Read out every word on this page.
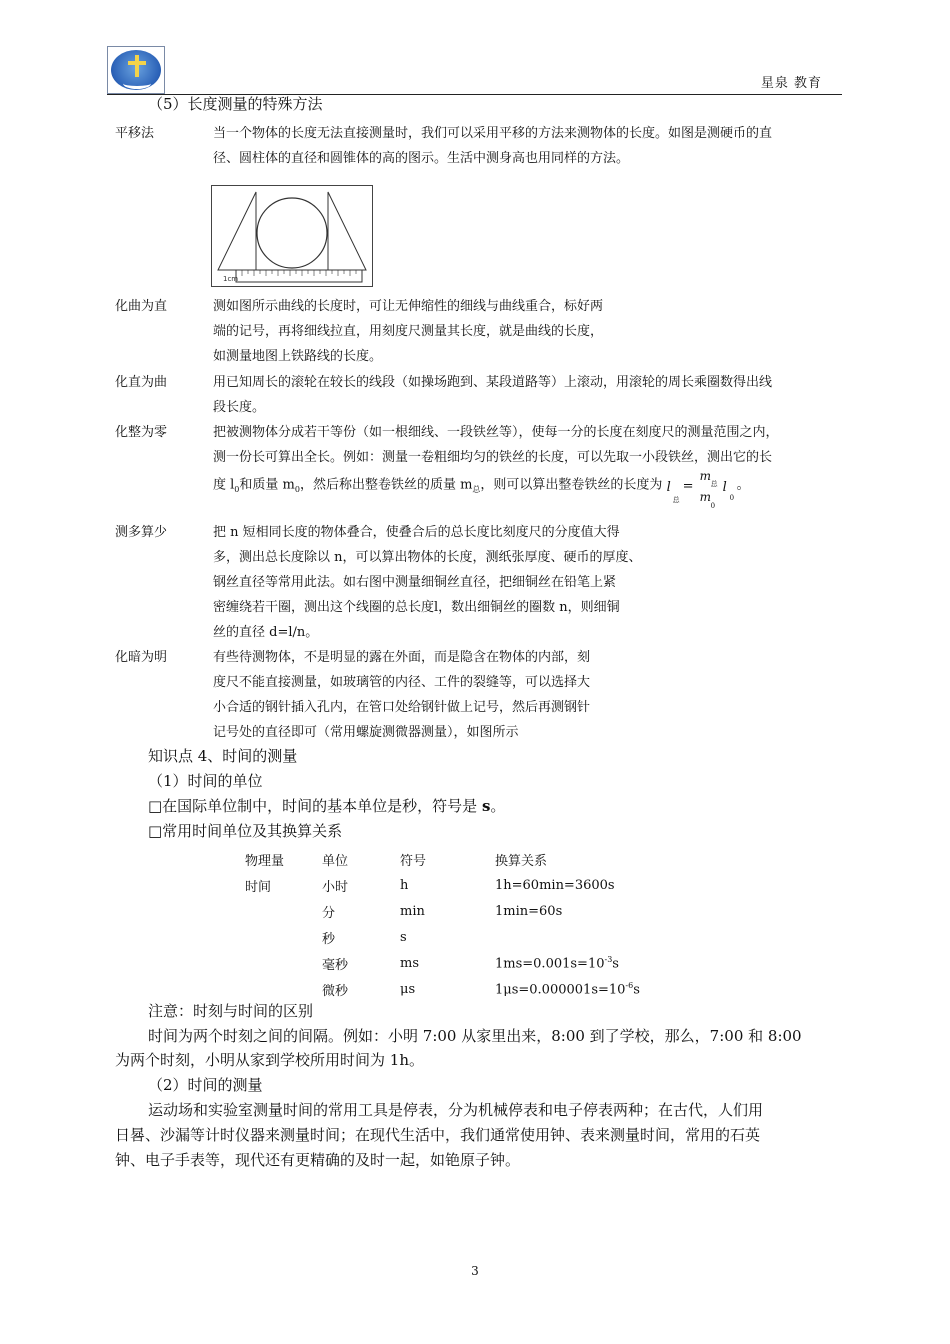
星泉 教育
（5）长度测量的特殊方法
平移法	当一个物体的长度无法直接测量时，我们可以采用平移的方法来测物体的长度。如图是测硬币的直
径、圆柱体的直径和圆锥体的高的图示。生活中测身高也用同样的方法。
1cm
化曲为直	测如图所示曲线的长度时，可让无伸缩性的细线与曲线重合，标好两
端的记号，再将细线拉直，用刻度尺测量其长度，就是曲线的长度，
如测量地图上铁路线的长度。
化直为曲	用已知周长的滚轮在较长的线段（如操场跑到、某段道路等）上滚动，用滚轮的周长乘圈数得出线
段长度。
化整为零	把被测物体分成若干等份（如一根细线、一段铁丝等），使每一分的长度在刻度尺的测量范围之内，
测一份长可算出全长。例如：测量一卷粗细均匀的铁丝的长度，可以先取一小段铁丝，测出它的长
度 $l_0$和质量 $m_0$，然后称出整卷铁丝的质量 $m_总$，则可以算出整卷铁丝的长度为 l
总
=
m
总
m
0
l
0
。
测多算少	把 n 短相同长度的物体叠合，使叠合后的总长度比刻度尺的分度值大得
多，测出总长度除以 n，可以算出物体的长度，测纸张厚度、硬币的厚度、
钢丝直径等常用此法。如右图中测量细铜丝直径，把细铜丝在铅笔上紧
密缠绕若干圈，测出这个线圈的总长度l，数出细铜丝的圈数 n，则细铜
丝的直径 d=l/n。
化暗为明	有些待测物体，不是明显的露在外面，而是隐含在物体的内部，刻
度尺不能直接测量，如玻璃管的内径、工件的裂缝等，可以选择大
小合适的钢针插入孔内，在管口处给钢针做上记号，然后再测钢针
记号处的直径即可（常用螺旋测微器测量），如图所示
知识点 4、时间的测量
（1）时间的单位
□在国际单位制中，时间的基本单位是秒，符号是 s。
□常用时间单位及其换算关系
物理量	单位	符号	换算关系
时间	小时	h	1h=60min=3600s
	分	min	1min=60s
	秒	s	
	毫秒	ms	$1ms=0.001s=10^{-3}s$
	微秒	μs	$1\mu s=0.000001s=10^{-6}s$
注意：时刻与时间的区别
时间为两个时刻之间的间隔。例如：小明 7:00 从家里出来，8:00 到了学校，那么，7:00 和 8:00
为两个时刻，小明从家到学校所用时间为 1h。
（2）时间的测量
运动场和实验室测量时间的常用工具是停表，分为机械停表和电子停表两种；在古代，人们用
日晷、沙漏等计时仪器来测量时间；在现代生活中，我们通常使用钟、表来测量时间，常用的石英
钟、电子手表等，现代还有更精确的及时一起，如铯原子钟。
3
